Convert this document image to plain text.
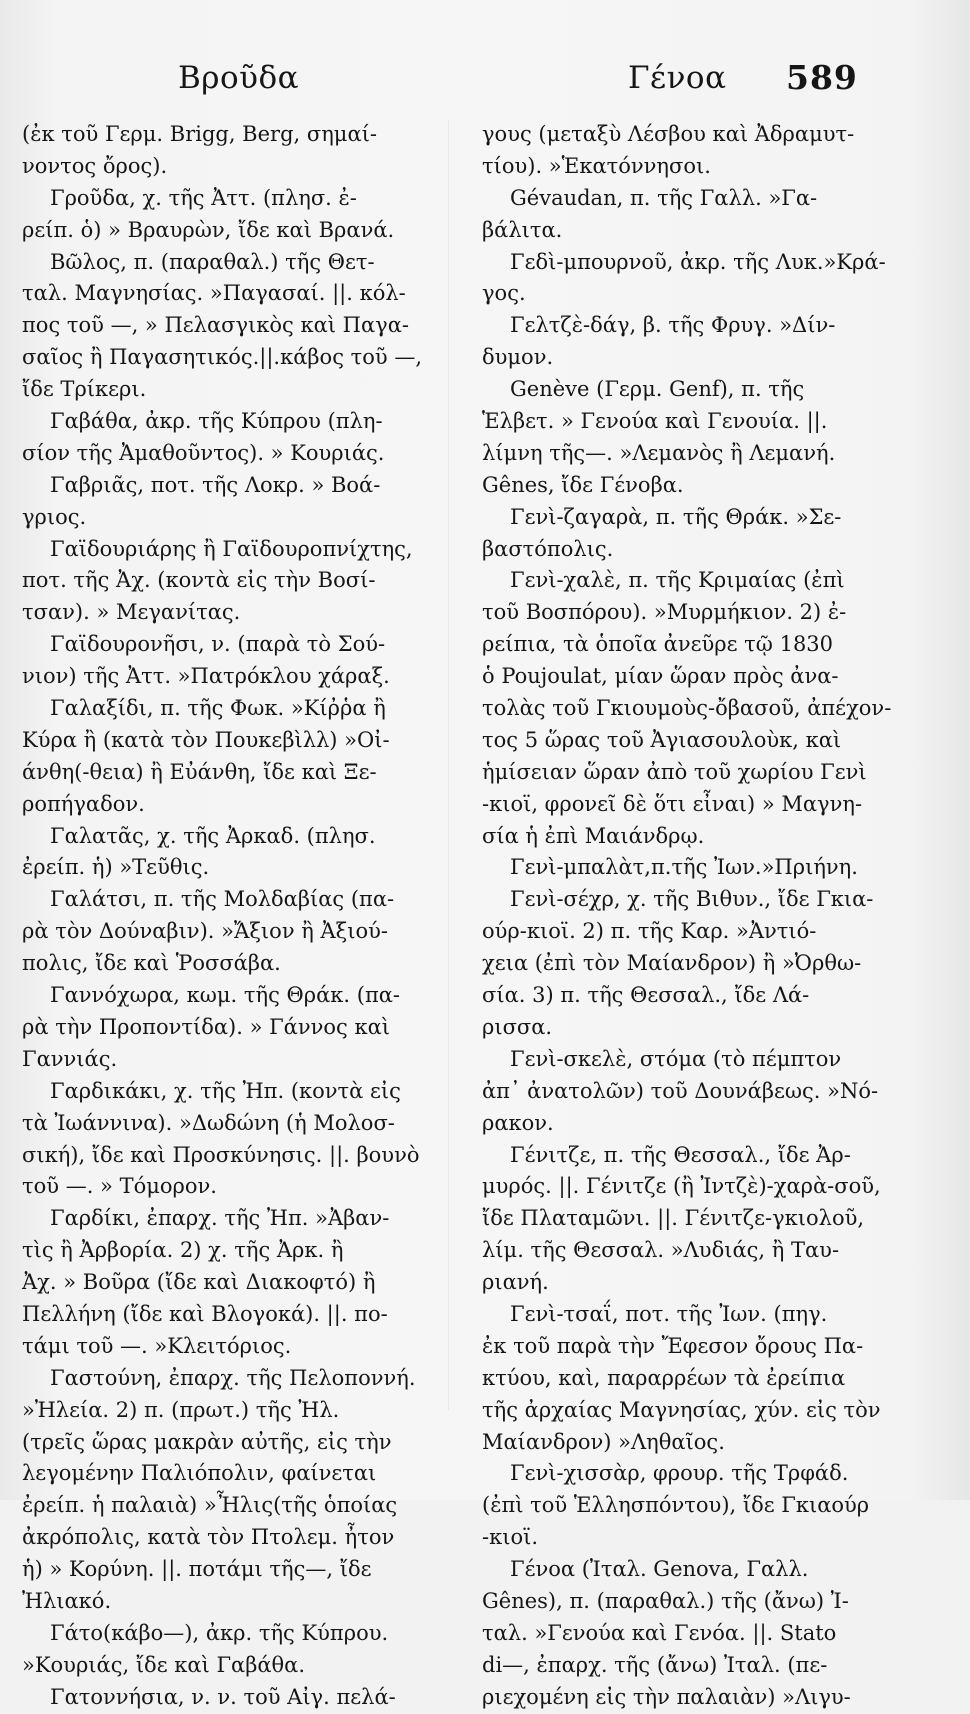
Βροῦδα	Γένοα 589
(ἐκ τοῦ Γερμ. Brigg, Berg, σημαί-
νοντος ὄρος).
Γροῦδα, χ. τῆς Ἀττ. (πλησ. ἐ-
ρείπ. ὁ) » Βραυρὼν, ἴδε καὶ Βρανά.
Βῶλος, π. (παραθαλ.) τῆς Θετ-
ταλ. Μαγνησίας. »Παγασαί. ||. κόλ-
πος τοῦ —, » Πελασγικὸς καὶ Παγα-
σαῖος ἢ Παγασητικός.||.κάβος τοῦ —,
ἴδε Τρίκερι.
Γαβάθα, ἀκρ. τῆς Κύπρου (πλη-
σίον τῆς Ἀμαθοῦντος). » Κουριάς.
Γαβριᾶς, ποτ. τῆς Λοκρ. » Βοά-
γριος.
Γαϊδουριάρης ἢ Γαϊδουροπνίχτης,
ποτ. τῆς Ἀχ. (κοντὰ εἰς τὴν Βοσί-
τσαν). » Μεγανίτας.
Γαϊδουρονῆσι, ν. (παρὰ τὸ Σού-
νιον) τῆς Ἀττ. »Πατρόκλου χάραξ.
Γαλαξίδι, π. τῆς Φωκ. »Κίῤῥα ἢ
Κύρα ἢ (κατὰ τὸν Πουκεβὶλλ) »Οἰ-
άνθη(-θεια) ἢ Εὐάνθη, ἴδε καὶ Ξε-
ροπήγαδον.
Γαλατᾶς, χ. τῆς Ἀρκαδ. (πλησ.
ἐρείπ. ἡ) »Τεῦθις.
Γαλάτσι, π. τῆς Μολδαβίας (πα-
ρὰ τὸν Δούναβιν). »Ἄξιον ἢ Ἀξιού-
πολις, ἴδε καὶ Ῥοσσάβα.
Γαννόχωρα, κωμ. τῆς Θράκ. (πα-
ρὰ τὴν Προποντίδα). » Γάννος καὶ
Γαννιάς.
Γαρδικάκι, χ. τῆς Ἠπ. (κοντὰ εἰς
τὰ Ἰωάννινα). »Δωδώνη (ἡ Μολοσ-
σική), ἴδε καὶ Προσκύνησις. ||. βουνὸ
τοῦ —. » Τόμορον.
Γαρδίκι, ἐπαρχ. τῆς Ἠπ. »Ἀβαν-
τὶς ἢ Ἀρβορία. 2) χ. τῆς Ἀρκ. ἢ
Ἀχ. » Βοῦρα (ἴδε καὶ Διακοφτό) ἢ
Πελλήνη (ἴδε καὶ Βλογοκά). ||. πο-
τάμι τοῦ —. »Κλειτόριος.
Γαστούνη, ἐπαρχ. τῆς Πελοποννή.
»Ἠλεία. 2) π. (πρωτ.) τῆς Ἠλ.
(τρεῖς ὥρας μακρὰν αὐτῆς, εἰς τὴν
λεγομένην Παλιόπολιν, φαίνεται
ἐρείπ. ἡ παλαιὰ) »Ἦλις(τῆς ὁποίας
ἀκρόπολις, κατὰ τὸν Πτολεμ. ἦτον
ἡ) » Κορύνη. ||. ποτάμι τῆς—, ἴδε
Ἠλιακό.
Γάτο(κάβο—), ἀκρ. τῆς Κύπρου.
»Κουριάς, ἴδε καὶ Γαβάθα.
Γατοννήσια, ν. ν. τοῦ Αἰγ. πελά-
γους (μεταξὺ Λέσβου καὶ Ἀδραμυτ-
τίου). »Ἑκατόννησοι.
Gévaudan, π. τῆς Γαλλ. »Γα-
βάλιτα.
Γεδὶ-μπουρνοῦ, ἀκρ. τῆς Λυκ.»Κρά-
γος.
Γελτζὲ-δάγ, β. τῆς Φρυγ. »Δίν-
δυμον.
Genève (Γερμ. Genf), π. τῆς
Ἑλβετ. » Γενούα καὶ Γενουία. ||.
λίμνη τῆς—. »Λεμανὸς ἢ Λεμανή.
Gênes, ἴδε Γένοβα.
Γενὶ-ζαγαρὰ, π. τῆς Θράκ. »Σε-
βαστόπολις.
Γενὶ-χαλὲ, π. τῆς Κριμαίας (ἐπὶ
τοῦ Βοσπόρου). »Μυρμήκιον. 2) ἐ-
ρείπια, τὰ ὁποῖα ἀνεῦρε τῷ 1830
ὁ Poujoulat, μίαν ὥραν πρὸς ἀνα-
τολὰς τοῦ Γκιουμοὺς-ὄβασοῦ, ἀπέχον-
τος 5 ὥρας τοῦ Ἀγιασουλοὺκ, καὶ
ἡμίσειαν ὥραν ἀπὸ τοῦ χωρίου Γενὶ
-κιοϊ, φρονεῖ δὲ ὅτι εἶναι) » Μαγνη-
σία ἡ ἐπὶ Μαιάνδρῳ.
Γενὶ-μπαλὰτ,π.τῆς Ἰων.»Πριήνη.
Γενὶ-σέχρ, χ. τῆς Βιθυν., ἴδε Γκια-
ούρ-κιοϊ. 2) π. τῆς Καρ. »Ἀντιό-
χεια (ἐπὶ τὸν Μαίανδρον) ἢ »Ὀρθω-
σία. 3) π. τῆς Θεσσαλ., ἴδε Λά-
ρισσα.
Γενὶ-σκελὲ, στόμα (τὸ πέμπτον
ἀπ᾿ ἀνατολῶν) τοῦ Δουνάβεως. »Νό-
ρακον.
Γένιτζε, π. τῆς Θεσσαλ., ἴδε Ἀρ-
μυρός. ||. Γένιτζε (ἢ Ἰντζὲ)-χαρὰ-σοῦ,
ἴδε Πλαταμῶνι. ||. Γένιτζε-γκιολοῦ,
λίμ. τῆς Θεσσαλ. »Λυδιάς, ἢ Ταυ-
ριανή.
Γενὶ-τσαΐ, ποτ. τῆς Ἰων. (πηγ.
ἐκ τοῦ παρὰ τὴν Ἔφεσον ὄρους Πα-
κτύου, καὶ, παραρρέων τὰ ἐρείπια
τῆς ἀρχαίας Μαγνησίας, χύν. εἰς τὸν
Μαίανδρον) »Ληθαῖος.
Γενὶ-χισσὰρ, φρουρ. τῆς Τρφάδ.
(ἐπὶ τοῦ Ἑλλησπόντου), ἴδε Γκιαούρ
-κιοϊ.
Γένοα (Ἰταλ. Genova, Γαλλ.
Gênes), π. (παραθαλ.) τῆς (ἄνω) Ἰ-
ταλ. »Γενούα καὶ Γενόα. ||. Stato
di—, ἐπαρχ. τῆς (ἄνω) Ἰταλ. (πε-
ριεχομένη εἰς τὴν παλαιὰν) »Λιγυ-
